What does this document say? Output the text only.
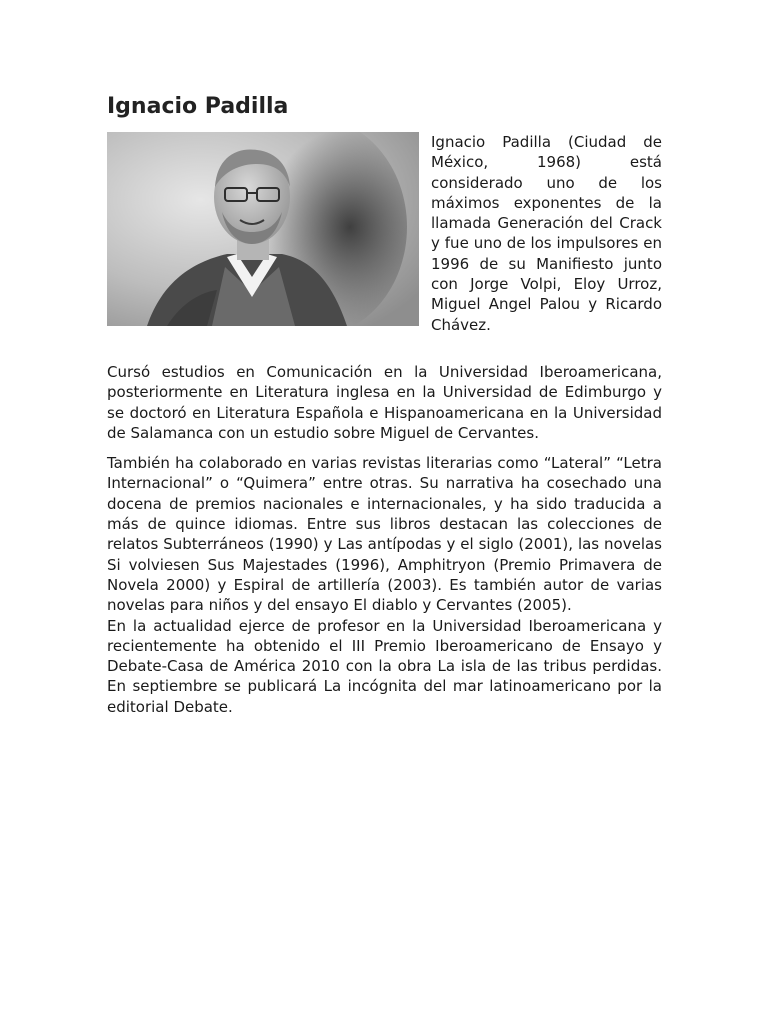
Ignacio Padilla
Ignacio Padilla (Ciudad de México, 1968) está considerado uno de los máximos exponentes de la llamada Generación del Crack y fue uno de los impulsores en 1996 de su Manifiesto junto con Jorge Volpi, Eloy Urroz, Miguel Angel Palou y Ricardo Chávez.

Cursó estudios en Comunicación en la Universidad Iberoamericana, posteriormente en Literatura inglesa en la Universidad de Edimburgo y se doctoró en Literatura Española e Hispanoamericana en la Universidad de Salamanca con un estudio sobre Miguel de Cervantes.

También ha colaborado en varias revistas literarias como “Lateral” “Letra Internacional” o “Quimera” entre otras. Su narrativa ha cosechado una docena de premios nacionales e internacionales, y ha sido traducida a más de quince idiomas. Entre sus libros destacan las colecciones de relatos Subterráneos (1990) y Las antípodas y el siglo (2001), las novelas Si volviesen Sus Majestades (1996), Amphitryon (Premio Primavera de Novela 2000) y Espiral de artillería (2003). Es también autor de varias novelas para niños y del ensayo El diablo y Cervantes (2005).

En la actualidad ejerce de profesor en la Universidad Iberoamericana y recientemente ha obtenido el III Premio Iberoamericano de Ensayo y Debate-Casa de América 2010 con la obra La isla de las tribus perdidas. En septiembre se publicará La incógnita del mar latinoamericano por la editorial Debate.
